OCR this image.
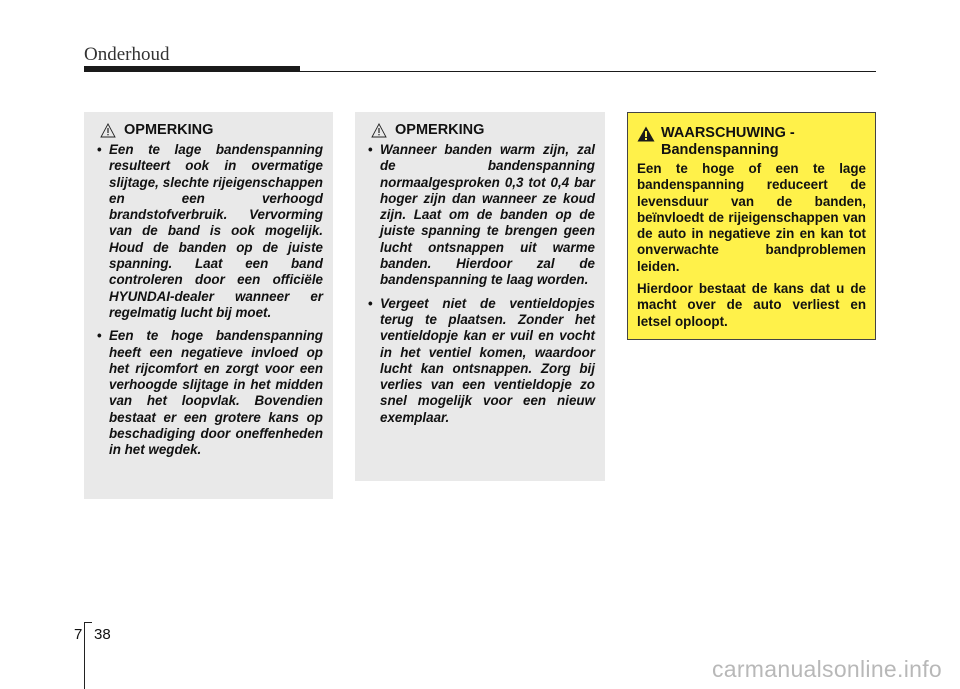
Onderhoud
OPMERKING
• Een te lage bandenspanning resulteert ook in overmatige slijtage, slechte rijeigenschappen en een verhoogd brandstofverbruik. Vervorming van de band is ook mogelijk. Houd de banden op de juiste spanning. Laat een band controleren door een officiële HYUNDAI-dealer wanneer er regelmatig lucht bij moet.
• Een te hoge bandenspanning heeft een negatieve invloed op het rijcomfort en zorgt voor een verhoogde slijtage in het midden van het loopvlak. Bovendien bestaat er een grotere kans op beschadiging door oneffenheden in het wegdek.
OPMERKING
• Wanneer banden warm zijn, zal de bandenspanning normaalgesproken 0,3 tot 0,4 bar hoger zijn dan wanneer ze koud zijn. Laat om de banden op de juiste spanning te brengen geen lucht ontsnappen uit warme banden. Hierdoor zal de bandenspanning te laag worden.
• Vergeet niet de ventieldopjes terug te plaatsen. Zonder het ventieldopje kan er vuil en vocht in het ventiel komen, waardoor lucht kan ontsnappen. Zorg bij verlies van een ventieldopje zo snel mogelijk voor een nieuw exemplaar.
WAARSCHUWING -
Bandenspanning

Een te hoge of een te lage bandenspanning reduceert de levensduur van de banden, beïnvloedt de rijeigenschappen van de auto in negatieve zin en kan tot onverwachte bandproblemen leiden.

Hierdoor bestaat de kans dat u de macht over de auto verliest en letsel oploopt.

7 38
carmanualsonline.info
